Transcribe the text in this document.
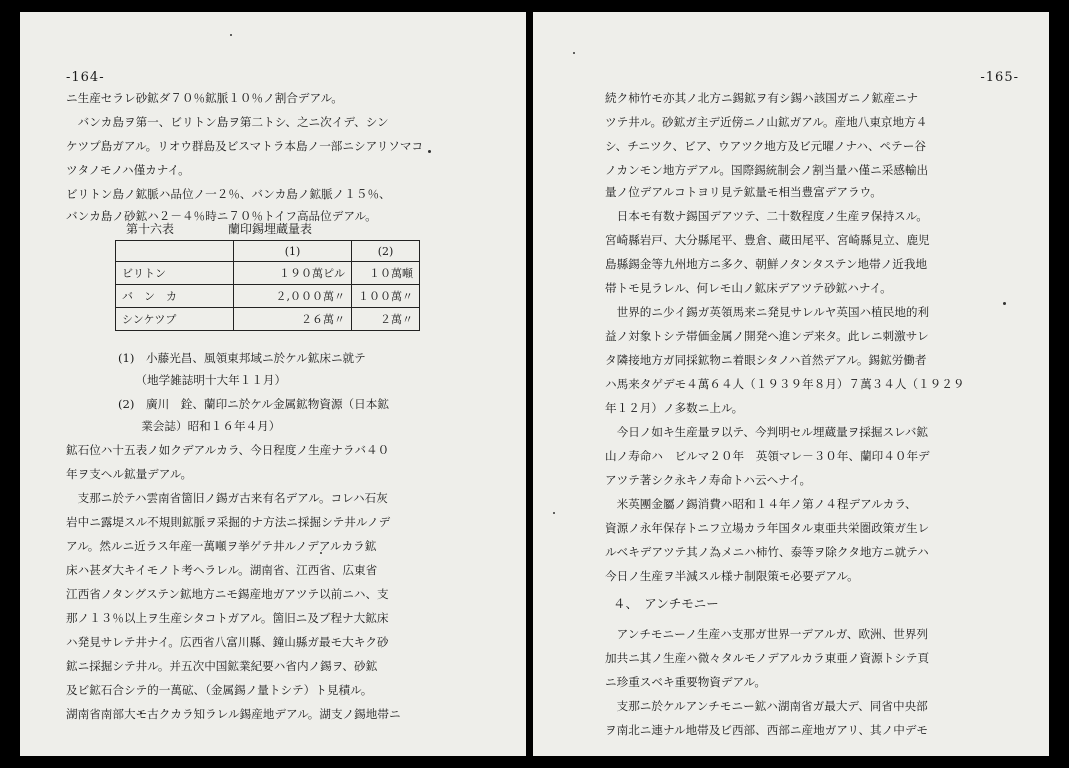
-164-
ニ生産セラレ砂鉱ダ７０％鉱脈１０％ノ割合デアル。
　バンカ島ヲ第一、ビリトン島ヲ第二トシ、之ニ次イデ、シン
ケツプ島ガアル。リオウ群島及ビスマトラ本島ノ一部ニシアリソマコ
ツタノモノハ僅カナイ。
ビリトン島ノ鉱脈ハ品位ノ一２％、バンカ島ノ鉱脈ノ１５％、
バンカ島ノ砂鉱ハ２－４％時ニ７０％トイフ高品位デアル。
第十六表	蘭印錫埋蔵量表
	(1)	(2)
ビリトン	１９０萬ピル	１０萬噸
バ　ン　カ	２,０００萬〃	１００萬〃
シンケツプ	２６萬〃	２萬〃
(1)　小藤光昌、風領東邦域ニ於ケル鉱床ニ就テ
　　（地学雑誌明十大年１１月）
(2)　廣川　銓、蘭印ニ於ケル金属鉱物資源（日本鉱
　　業会誌）昭和１６年４月）
鉱石位ハ十五表ノ如クデアルカラ、今日程度ノ生産ナラバ４０
年ヲ支ヘル鉱量デアル。
　支那ニ於テハ雲南省箇旧ノ錫ガ古来有名デアル。コレハ石灰
岩中ニ露堤スル不規則鉱脈ヲ采掘的ナ方法ニ採掘シテ井ルノデ
アル。然ルニ近ラス年産一萬噸ヲ挙ゲテ井ルノデアルカラ鉱
床ハ甚ダ大キイモノト考ヘラレル。湖南省、江西省、広東省
江西省ノタングステン鉱地方ニモ錫産地ガアツテ以前ニハ、支
那ノ１３％以上ヲ生産シタコトガアル。箇旧ニ及ブ程ナ大鉱床
ハ発見サレテ井ナイ。広西省八富川縣、鐘山縣ガ最モ大キク砂
鉱ニ採掘シテ井ル。并五次中国鉱業紀要ハ省内ノ錫ヲ、砂鉱
及ビ鉱石合シテ的一萬砿、（金属錫ノ量トシテ）ト見積ル。
湖南省南部大モ古クカラ知ラレル錫産地デアル。湖支ノ錫地帯ニ
-165-
続ク柿竹モ亦其ノ北方ニ錫鉱ヲ有シ錫ハ該国ガニノ鉱産ニナ
ツテ井ル。砂鉱ガ主デ近傍ニノ山鉱ガアル。産地八東京地方４
シ、チニツク、ビア、ウアツク地方及ビ元曜ノナハ、ペテー谷
ノカンモン地方デアル。国際錫統制会ノ割当量ハ僅ニ采感輸出
量ノ位デアルコトヨリ見テ鉱量モ相当豊富デアラウ。
　日本モ有数ナ錫国デアツテ、二十数程度ノ生産ヲ保持スル。
宮崎縣岩戸、大分縣尾平、豊倉、蔵田尾平、宮崎縣見立、鹿児
島縣錫金等九州地方ニ多ク、朝鮮ノタンタステン地帯ノ近我地
帯トモ見ラレル、何レモ山ノ鉱床デアツテ砂鉱ハナイ。
　世界的ニ少イ錫ガ英領馬来ニ発見サレルヤ英国ハ植民地的利
益ノ対象トシテ帯価金属ノ開発ヘ進ンデ来タ。此レニ刺激サレ
タ隣接地方ガ同採鉱物ニ着眼シタノハ首然デアル。錫鉱労働者
ハ馬来タゲデモ４萬６４人（１９３９年８月）７萬３４人（１９２９
年１２月）ノ多数ニ上ル。
　今日ノ如キ生産量ヲ以テ、今判明セル埋蔵量ヲ採掘スレバ鉱
山ノ寿命ハ　ビルマ２０年　英領マレ－３０年、蘭印４０年デ
アツテ著シク永キノ寿命トハ云ヘナイ。
　米英團金屬ノ錫消費ハ昭和１４年ノ第ノ４程デアルカラ、
資源ノ永年保存トニフ立場カラ年国タル東亜共栄圏政策ガ生レ
ルベキデアツテ其ノ為メニハ柿竹、泰等ヲ除クタ地方ニ就テハ
今日ノ生産ヲ半減スル様ナ制限策モ必要デアル。
４、　アンチモニー
　アンチモニーノ生産ハ支那ガ世界一デアルガ、欧洲、世界列
加共ニ其ノ生産ハ微々タルモノデアルカラ東亜ノ資源トシテ頁
ニ珍重スベキ重要物資デアル。
　支那ニ於ケルアンチモニー鉱ハ湖南省ガ最大デ、同省中央部
ヲ南北ニ連ナル地帯及ビ西部、西部ニ産地ガアリ、其ノ中デモ
